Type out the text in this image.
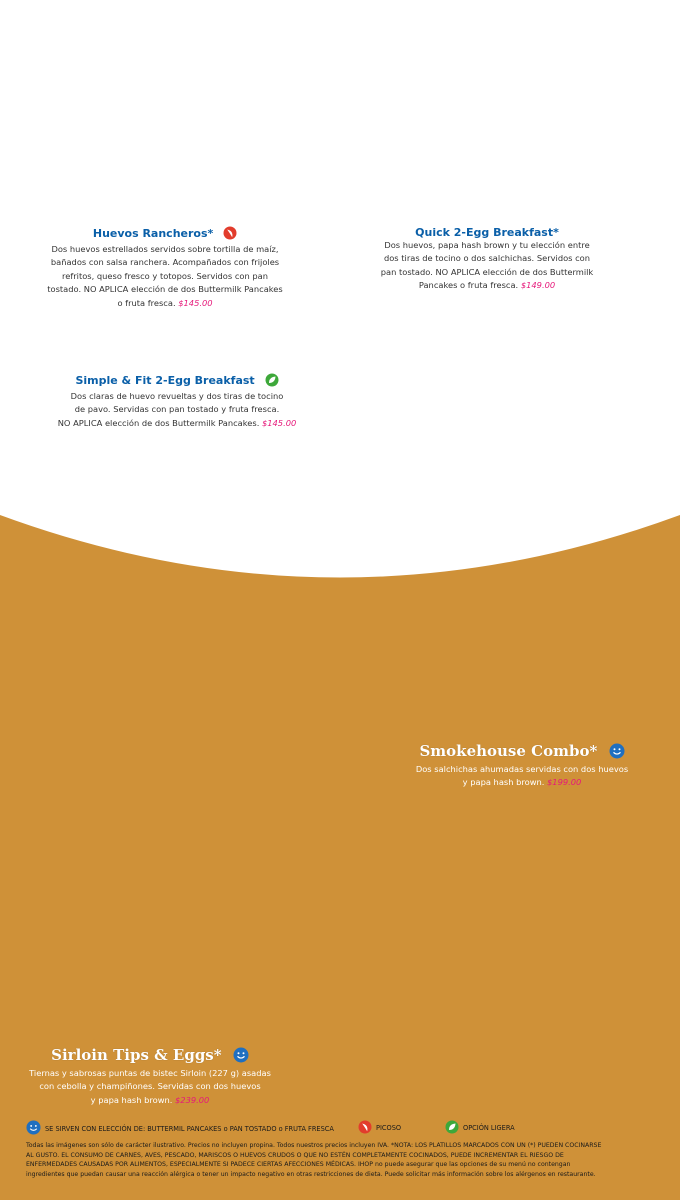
Huevos Rancheros*
Dos huevos estrellados servidos sobre tortilla de maíz,
bañados con salsa ranchera. Acompañados con frijoles
refritos, queso fresco y totopos. Servidos con pan
tostado. NO APLICA elección de dos Buttermilk Pancakes
o fruta fresca. $145.00
Quick 2-Egg Breakfast*
Dos huevos, papa hash brown y tu elección entre
dos tiras de tocino o dos salchichas. Servidos con
pan tostado. NO APLICA elección de dos Buttermilk
Pancakes o fruta fresca. $149.00
Simple & Fit 2-Egg Breakfast
Dos claras de huevo revueltas y dos tiras de tocino
de pavo. Servidas con pan tostado y fruta fresca.
NO APLICA elección de dos Buttermilk Pancakes. $145.00
Smokehouse Combo*
Dos salchichas ahumadas servidas con dos huevos
y papa hash brown. $199.00
Sirloin Tips & Eggs*
Tiernas y sabrosas puntas de bistec Sirloin (227 g) asadas
con cebolla y champiñones. Servidas con dos huevos
y papa hash brown. $239.00
SE SIRVEN CON ELECCIÓN DE: BUTTERMIL PANCAKES o PAN TOSTADO o FRUTA FRESCA	PICOSO	OPCIÓN LIGERA
Todas las imágenes son sólo de carácter ilustrativo. Precios no incluyen propina. Todos nuestros precios incluyen IVA. *NOTA: LOS PLATILLOS MARCADOS CON UN (*) PUEDEN COCINARSE
AL GUSTO. EL CONSUMO DE CARNES, AVES, PESCADO, MARISCOS O HUEVOS CRUDOS O QUE NO ESTÉN COMPLETAMENTE COCINADOS, PUEDE INCREMENTAR EL RIESGO DE
ENFERMEDADES CAUSADAS POR ALIMENTOS, ESPECIALMENTE SI PADECE CIERTAS AFECCIONES MÉDICAS. IHOP no puede asegurar que las opciones de su menú no contengan
ingredientes que puedan causar una reacción alérgica o tener un impacto negativo en otras restricciones de dieta. Puede solicitar más información sobre los alérgenos en restaurante.
